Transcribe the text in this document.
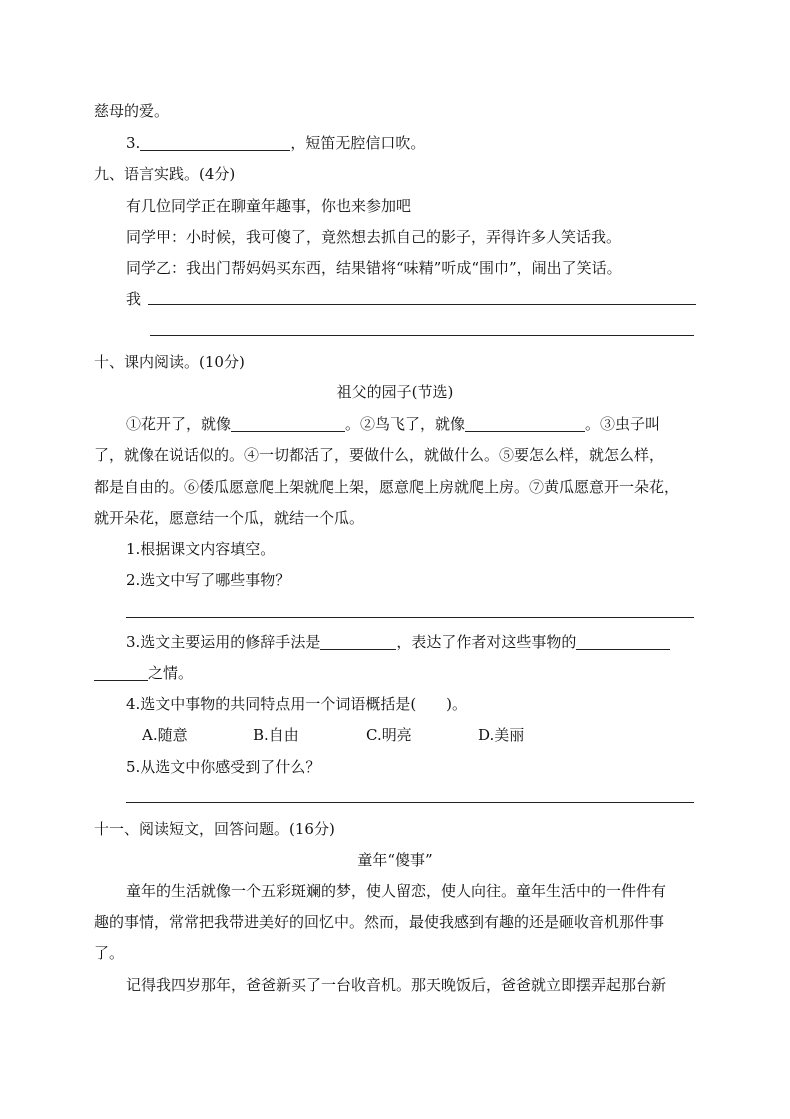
慈母的爱。
3.	，短笛无腔信口吹。
九、语言实践。(4分)
有几位同学正在聊童年趣事，你也来参加吧
同学甲：小时候，我可傻了，竟然想去抓自己的影子，弄得许多人笑话我。
同学乙：我出门帮妈妈买东西，结果错将“味精”听成“围巾”，闹出了笑话。
我
十、课内阅读。(10分)
祖父的园子(节选)
①花开了，就像	。②鸟飞了，就像	。③虫子叫
了，就像在说话似的。④一切都活了，要做什么，就做什么。⑤要怎么样，就怎么样，
都是自由的。⑥倭瓜愿意爬上架就爬上架，愿意爬上房就爬上房。⑦黄瓜愿意开一朵花，
就开朵花，愿意结一个瓜，就结一个瓜。
1.根据课文内容填空。
2.选文中写了哪些事物？
3.选文主要运用的修辞手法是	，表达了作者对这些事物的
之情。
4.选文中事物的共同特点用一个词语概括是(　　)。
A.随意	B.自由	C.明亮	D.美丽
5.从选文中你感受到了什么？
十一、阅读短文，回答问题。(16分)
童年“傻事”
童年的生活就像一个五彩斑斓的梦，使人留恋，使人向往。童年生活中的一件件有
趣的事情，常常把我带进美好的回忆中。然而，最使我感到有趣的还是砸收音机那件事
了。
记得我四岁那年，爸爸新买了一台收音机。那天晚饭后，爸爸就立即摆弄起那台新
